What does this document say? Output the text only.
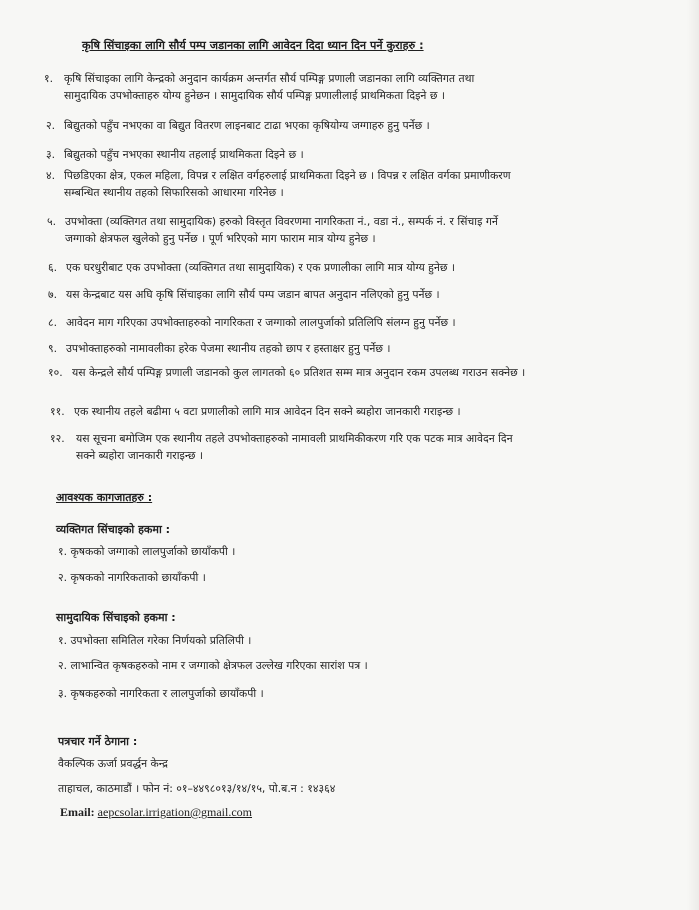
कृषि सिंचाइका लागि सौर्य पम्प जडानका लागि आवेदन दिदा ध्यान दिन पर्ने कुराहरु :
१. कृषि सिंचाइका लागि केन्द्रको अनुदान कार्यक्रम अन्तर्गत सौर्य पम्पिङ्ग प्रणाली जडानका लागि व्यक्तिगत तथा
सामुदायिक उपभोक्ताहरु योग्य हुनेछन । सामुदायिक सौर्य पम्पिङ्ग प्रणालीलाई प्राथमिकता दिइने छ ।
२. बिद्युतको पहुँच नभएका वा बिद्युत वितरण लाइनबाट टाढा भएका कृषियोग्य जग्गाहरु हुनु पर्नेछ ।
३. बिद्युतको पहुँच नभएका स्थानीय तहलाई प्राथमिकता दिइने छ ।
४. पिछडिएका क्षेत्र, एकल महिला, विपन्न र लक्षित वर्गहरुलाई प्राथमिकता दिइने छ । विपन्न र लक्षित वर्गका प्रमाणीकरण
सम्बन्धित स्थानीय तहको सिफारिसको आधारमा गरिनेछ ।
५. उपभोक्ता (व्यक्तिगत तथा सामुदायिक) हरुको विस्तृत विवरणमा नागरिकता नं., वडा नं., सम्पर्क नं. र सिंचाइ गर्ने
जग्गाको क्षेत्रफल खुलेको हुनु पर्नेछ । पूर्ण भरिएको माग फाराम मात्र योग्य हुनेछ ।
६. एक घरधुरीबाट एक उपभोक्ता (व्यक्तिगत तथा सामुदायिक) र एक प्रणालीका लागि मात्र योग्य हुनेछ ।
७. यस केन्द्रबाट यस अघि कृषि सिंचाइका लागि सौर्य पम्प जडान बापत अनुदान नलिएको हुनु पर्नेछ ।
८. आवेदन माग गरिएका उपभोक्ताहरुको नागरिकता र जग्गाको लालपुर्जाको प्रतिलिपि संलग्न हुनु पर्नेछ ।
९. उपभोक्ताहरुको नामावलीका हरेक पेजमा स्थानीय तहको छाप र हस्ताक्षर हुनु पर्नेछ ।
१०. यस केन्द्रले सौर्य पम्पिङ्ग प्रणाली जडानको कुल लागतको ६० प्रतिशत सम्म मात्र अनुदान रकम उपलब्ध गराउन सक्नेछ ।
११. एक स्थानीय तहले बढीमा ५ वटा प्रणालीको लागि मात्र आवेदन दिन सक्ने ब्यहोरा जानकारी गराइन्छ ।
१२. यस सूचना बमोजिम एक स्थानीय तहले उपभोक्ताहरुको नामावली प्राथमिकीकरण गरि एक पटक मात्र आवेदन दिन
सक्ने ब्यहोरा जानकारी गराइन्छ ।
आवश्यक कागजातहरु :
व्यक्तिगत सिंचाइको हकमा :
१. कृषकको जग्गाको लालपुर्जाको छायाँकपी ।
२. कृषकको नागरिकताको छायाँकपी ।
सामुदायिक सिंचाइको हकमा :
१. उपभोक्ता समितिल गरेका निर्णयको प्रतिलिपी ।
२. लाभान्वित कृषकहरुको नाम र जग्गाको क्षेत्रफल उल्लेख गरिएका सारांश पत्र ।
३. कृषकहरुको नागरिकता र लालपुर्जाको छायाँकपी ।
पत्रचार गर्ने ठेगाना :
वैकल्पिक ऊर्जा प्रवर्द्धन केन्द्र
ताहाचल, काठमाडौं । फोन नं: ०१–४४९८०१३/१४/१५, पो.ब.न : १४३६४
Email: aepcsolar.irrigation@gmail.com
